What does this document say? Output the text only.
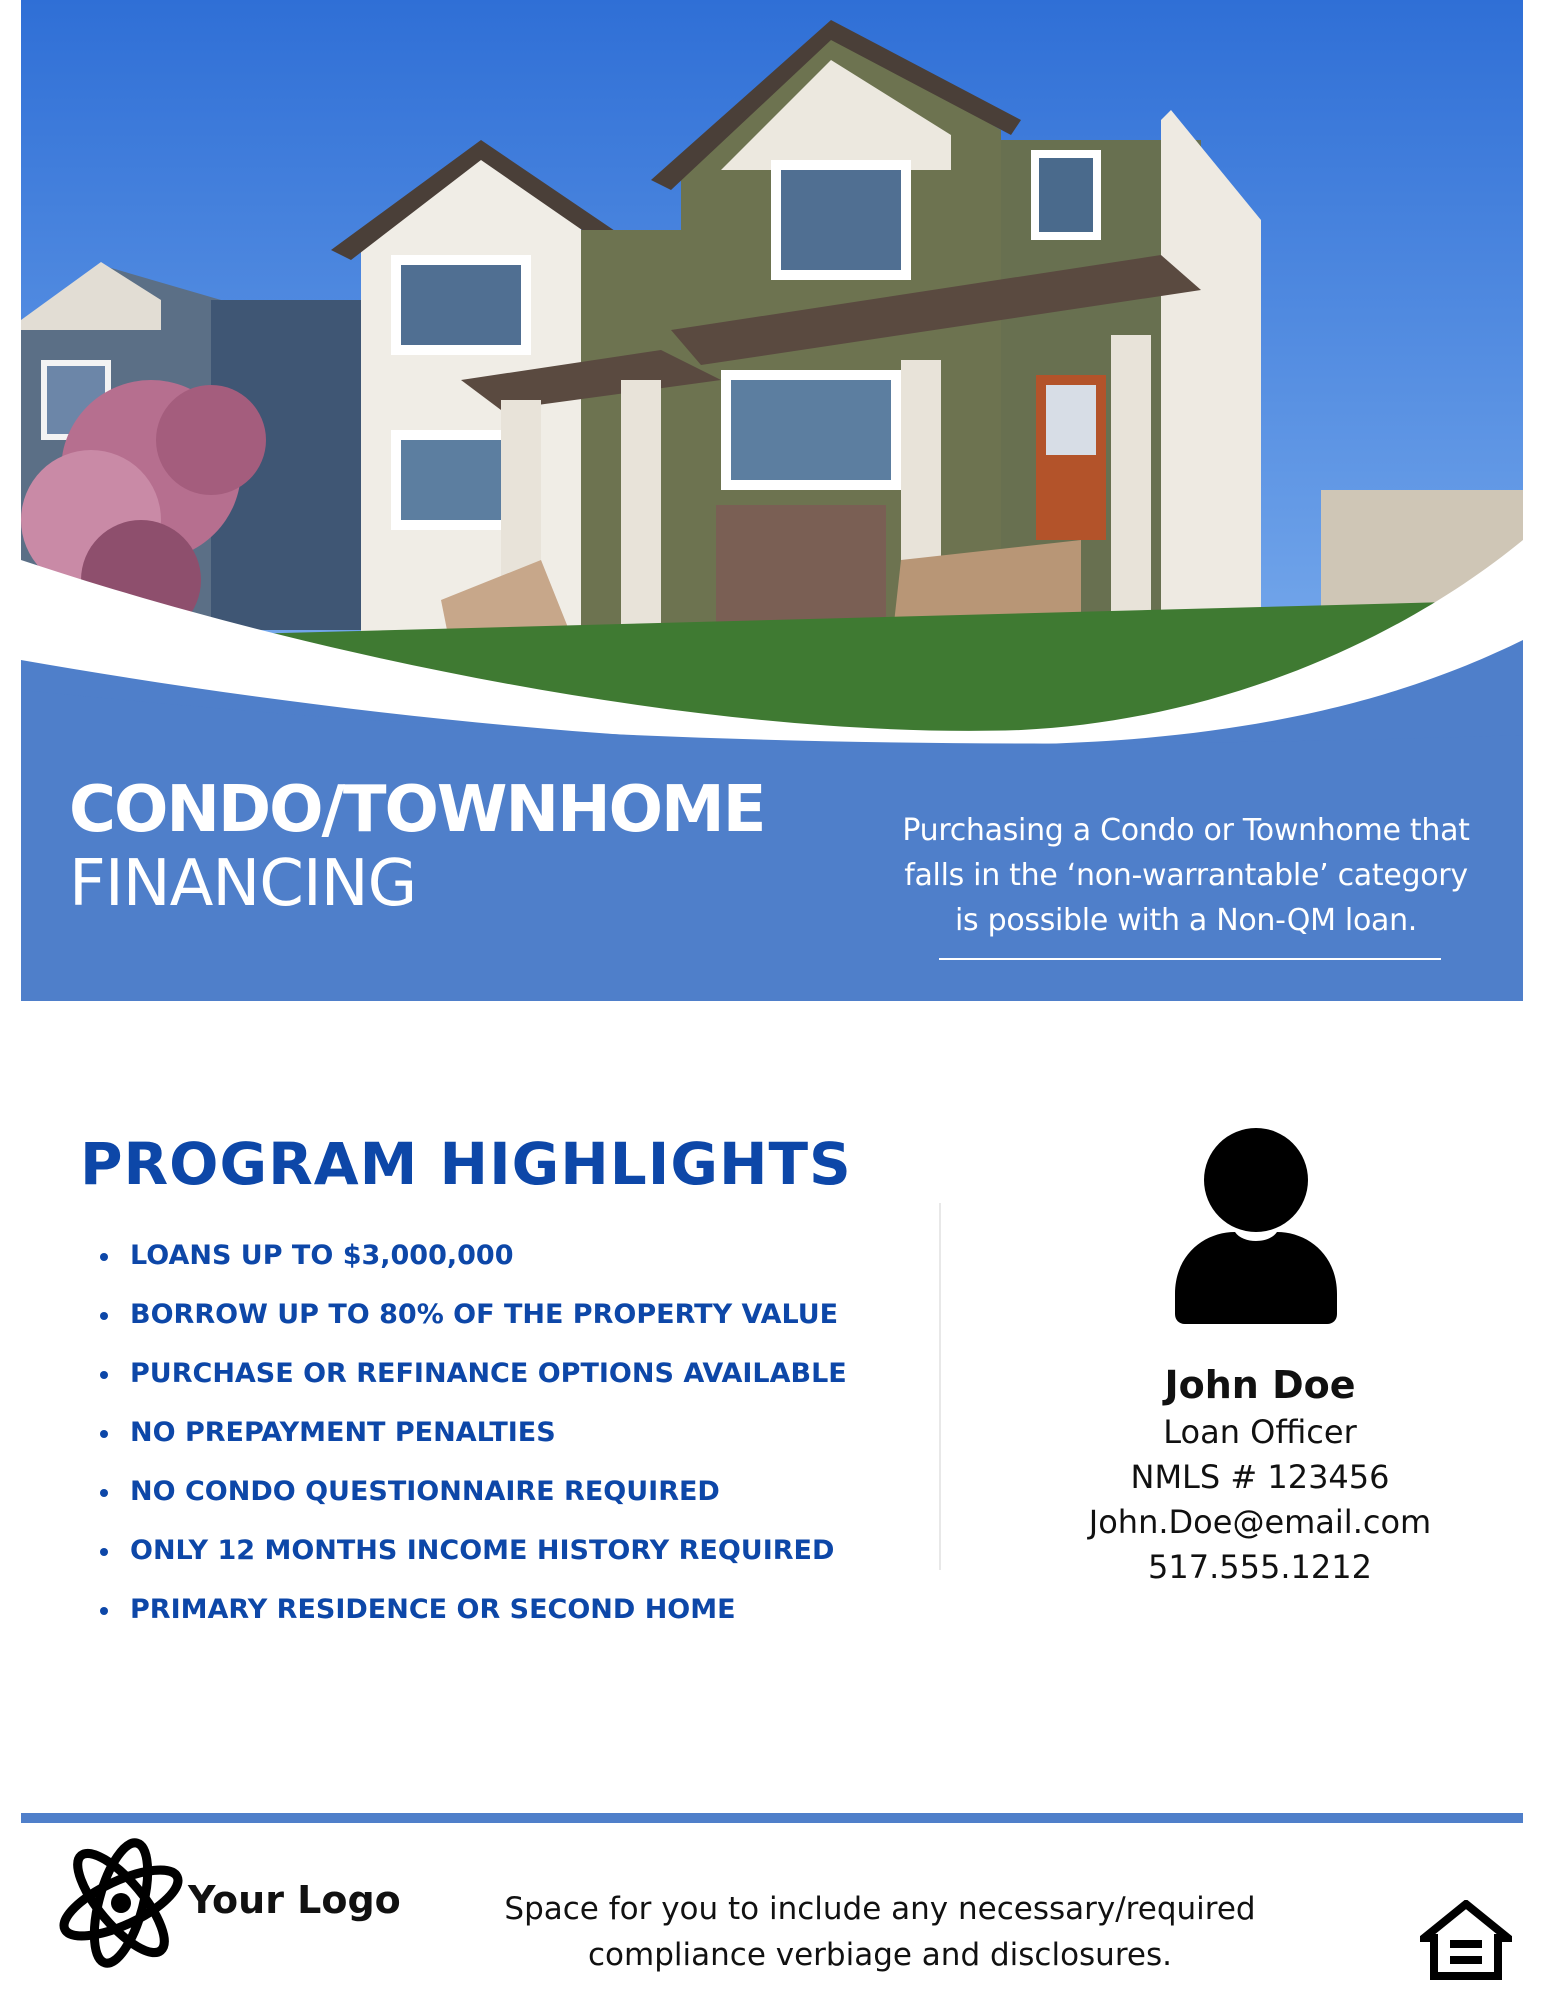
CONDO/TOWNHOME
FINANCING
Purchasing a Condo or Townhome that
falls in the ‘non-warrantable’ category
is possible with a Non-QM loan.
PROGRAM HIGHLIGHTS
LOANS UP TO $3,000,000
BORROW UP TO 80% OF THE PROPERTY VALUE
PURCHASE OR REFINANCE OPTIONS AVAILABLE
NO PREPAYMENT PENALTIES
NO CONDO QUESTIONNAIRE REQUIRED
ONLY 12 MONTHS INCOME HISTORY REQUIRED
PRIMARY RESIDENCE OR SECOND HOME
John Doe
Loan Officer
NMLS # 123456
John.Doe@email.com
517.555.1212
Your Logo	Space for you to include any necessary/required
compliance verbiage and disclosures.
